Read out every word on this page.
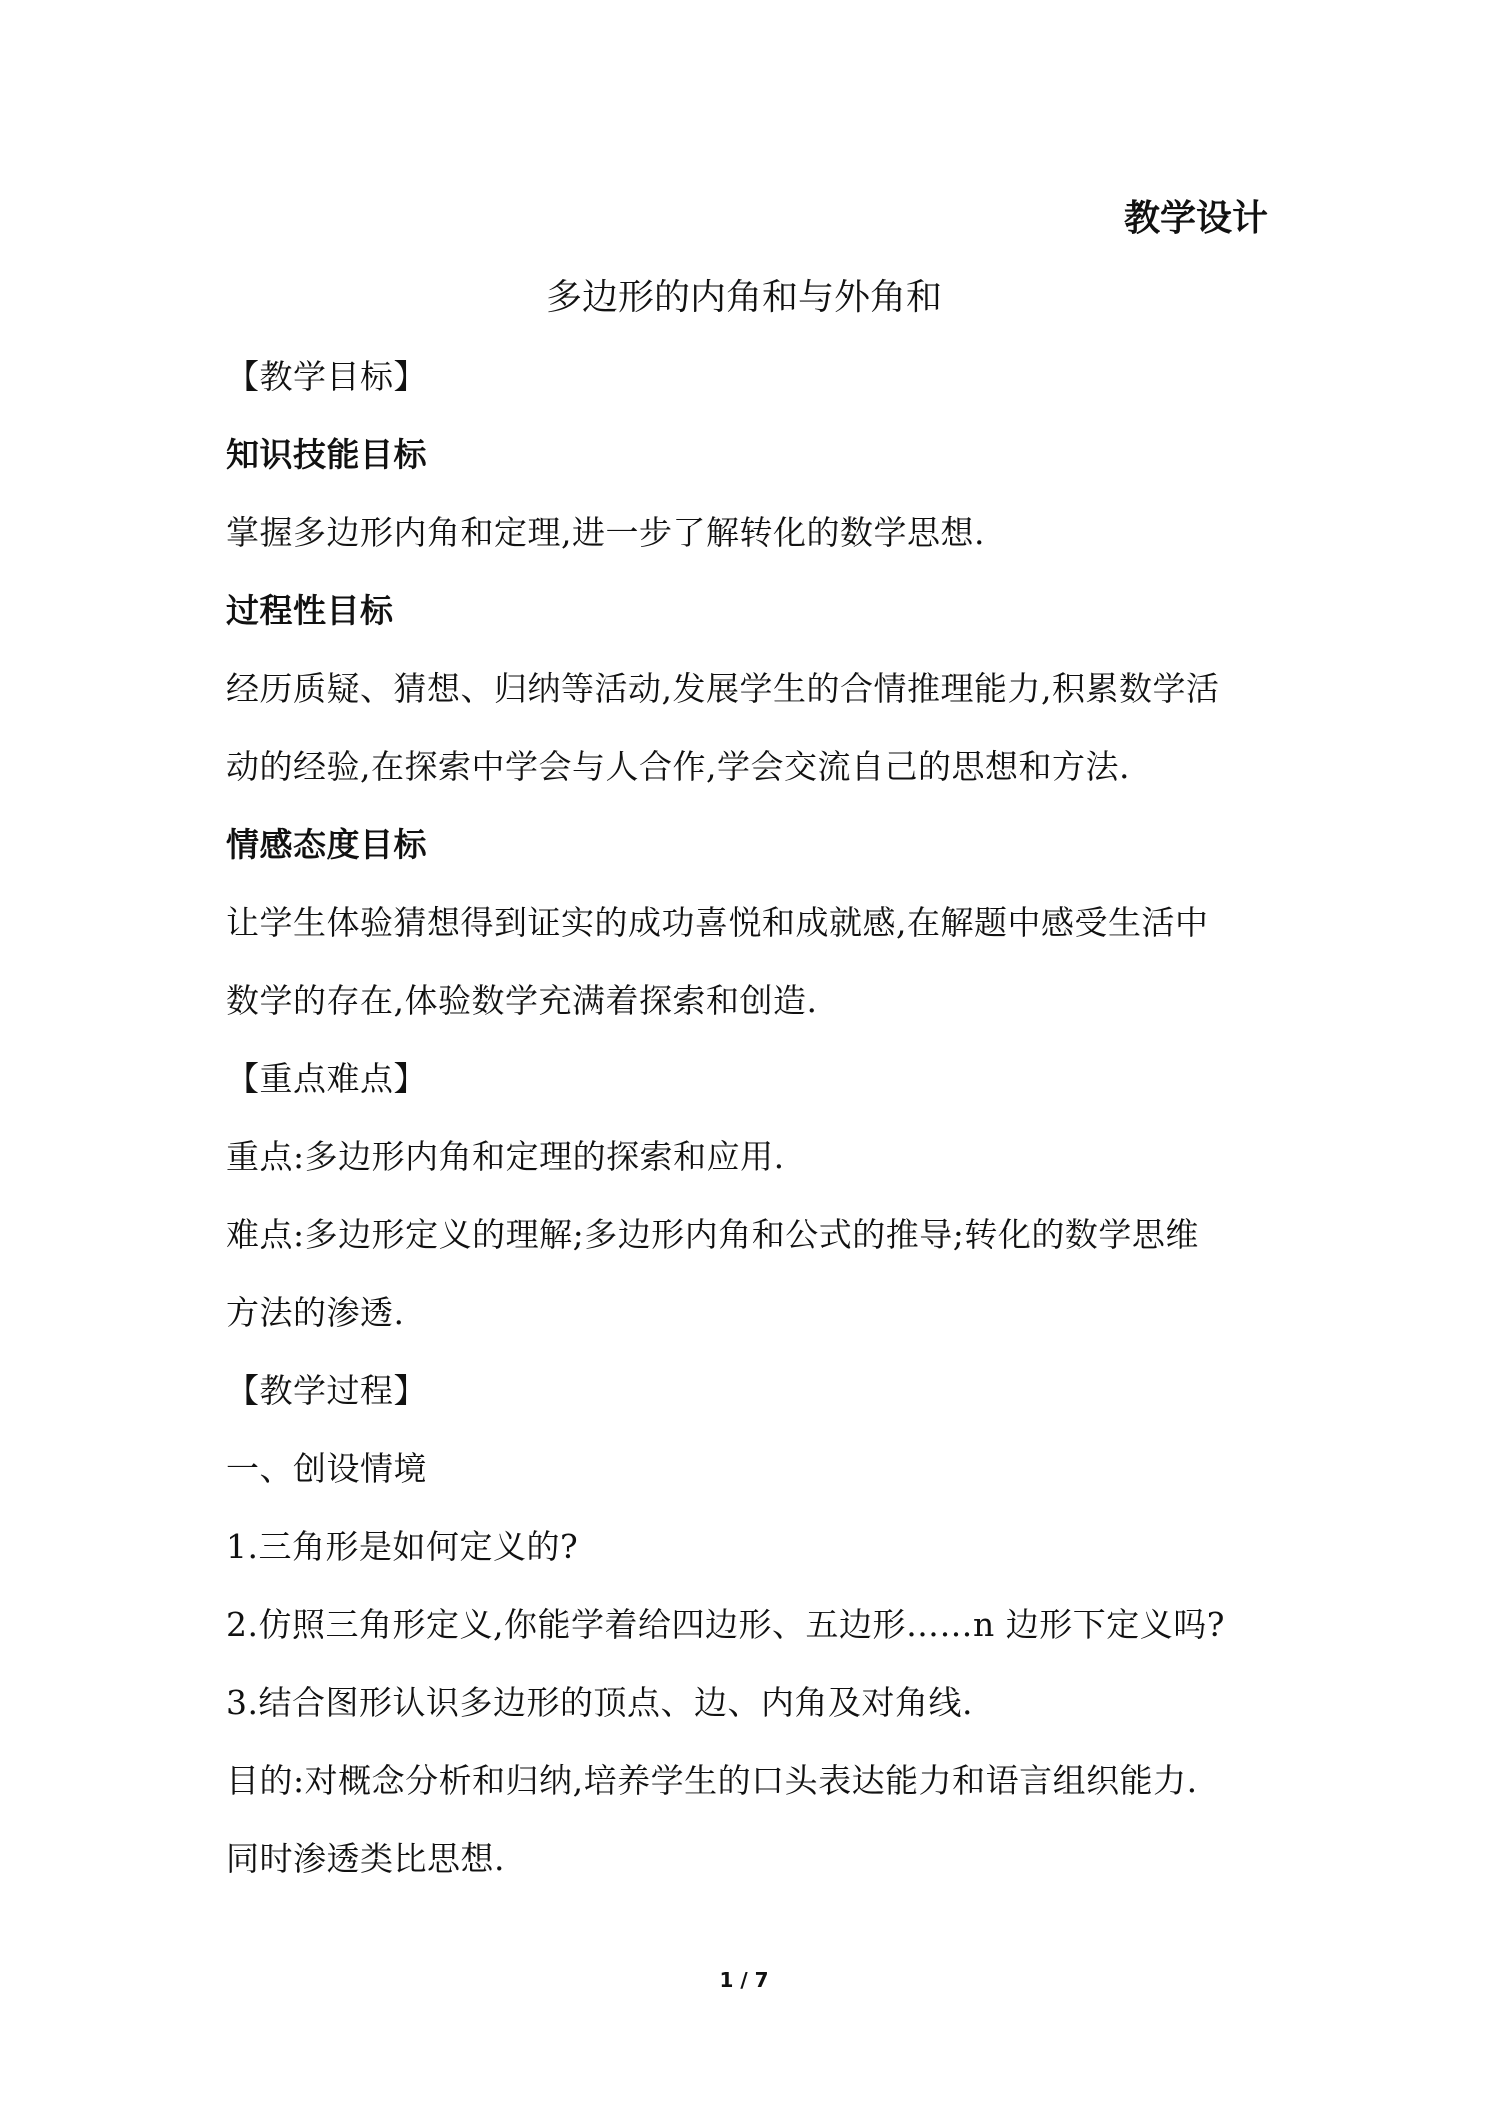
教学设计
多边形的内角和与外角和
【教学目标】
知识技能目标
掌握多边形内角和定理,进一步了解转化的数学思想.
过程性目标
经历质疑、猜想、归纳等活动,发展学生的合情推理能力,积累数学活
动的经验,在探索中学会与人合作,学会交流自己的思想和方法.
情感态度目标
让学生体验猜想得到证实的成功喜悦和成就感,在解题中感受生活中
数学的存在,体验数学充满着探索和创造.
【重点难点】
重点:多边形内角和定理的探索和应用.
难点:多边形定义的理解;多边形内角和公式的推导;转化的数学思维
方法的渗透.
【教学过程】
一、创设情境
1.三角形是如何定义的?
2.仿照三角形定义,你能学着给四边形、五边形……n 边形下定义吗?
3.结合图形认识多边形的顶点、边、内角及对角线.
目的:对概念分析和归纳,培养学生的口头表达能力和语言组织能力.
同时渗透类比思想.
1 / 7
